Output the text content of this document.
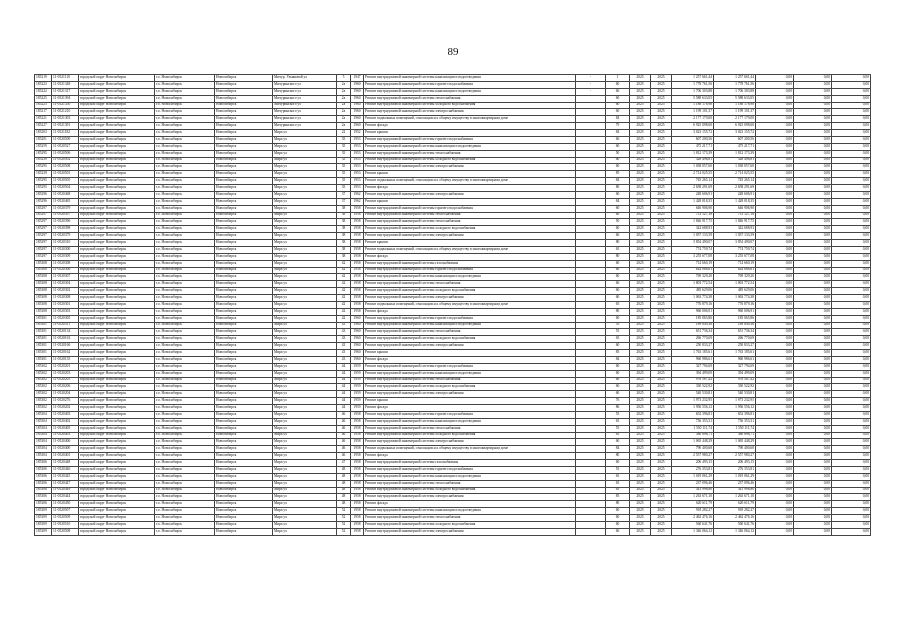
89
185219	11-0521110	городской округ Новосибирск	г.о. Новосибирск	Новосибирск	Мичур. Ульяновой ул	5	1947	Ремонт внутридомовой инженерной системы канализации и водоотведения	-	1	2025	2025	1 257 661,44	1 257 661,44	0,00	0,00	0,00
185223	11-0521348	городской округ Новосибирск	г.о. Новосибирск	Новосибирск	Мичуринского ул	2а	1960	Ремонт внутридомовой инженерной системы горячего водоснабжения	-	60	2025	2025	1 778 761,56	1 778 761,56	0,00	0,00	0,00
185222	11-0521317	городской округ Новосибирск	г.о. Новосибирск	Новосибирск	Мичуринского ул	2а	1960	Ремонт внутридомовой инженерной системы канализации и водоотведения	-	60	2025	2025	1 706 303,88	1 706 303,88	0,00	0,00	0,00
185225	11-0521394	городской округ Новосибирск	г.о. Новосибирск	Новосибирск	Мичуринского ул	2а	1960	Ремонт внутридомовой инженерной системы теплоснабжения		60	2025	2025	5 588 633,05	5 588 633,05	0,00	0,00	0,00
185223	11-0521350	городской округ Новосибирск	г.о. Новосибирск	Новосибирск	Мичуринского ул	2а	1960	Ремонт внутридомовой инженерной системы холодного водоснабжения		60	2025	2025	1 188 178,98	1 188 178,98	0,00	0,00	0,00
185217	11-0521210	городской округ Новосибирск	г.о. Новосибирск	Новосибирск	Мичуринского ул	2а	1960	Ремонт внутридомовой инженерной системы электроснабжения		60	2025	2025	1 199 101,37	1 199 101,37	0,00	0,00	0,00
185221	11-0521303	городской округ Новосибирск	г.о. Новосибирск	Новосибирск	Мичуринского ул	2а	1960	Ремонт подвальных помещений, относящихся к общему имуществу в многоквартирном доме		84	2025	2025	2 177 179,00	2 177 179,00	0,00	0,00	0,00
185227	11-0521391	городской округ Новосибирск	г.о. Новосибирск	Новосибирск	Мичуринского ул	2а	1960	Ремонт фасада		79	2025	2025	6 925 098,60	6 925 098,60	0,00	0,00	0,00
185203	11-0521182	городской округ Новосибирск	г.о. Новосибирск	Новосибирск	Мира ул	22	1952	Ремонт крыши		84	2025	2025	3 023 155,72	3 023 155,72	0,00	0,00	0,00
185201	11-0520500	городской округ Новосибирск	г.о. Новосибирск	Новосибирск	Мира ул	35	1953	Ремонт внутридомовой инженерной системы горячего водоснабжения		60	2025	2025	607 200,56	607 200,56	0,00	0,00	0,00
185259	11-0520527	городской округ Новосибирск	г.о. Новосибирск	Новосибирск	Мира ул	35	1953	Ремонт внутридомовой инженерной системы канализации и водоотведения		60	2025	2025	475 217,71	475 217,71	0,00	0,00	0,00
185295	11-0520506	городской округ Новосибирск	г.о. Новосибирск	Новосибирск	Мира ул	35	1953	Ремонт внутридомовой инженерной системы теплоснабжения		50	2025	2025	1 812 173,39	1 812 173,39	0,00	0,00	0,00
185239	11-0520502	городской округ Новосибирск	г.о. Новосибирск	Новосибирск	Мира ул	35	1953	Ремонт внутридомовой инженерной системы холодного водоснабжения		60	2025	2025	328 496,81	328 496,81	0,00	0,00	0,00
185295	11-0520508	городской округ Новосибирск	г.о. Новосибирск	Новосибирск	Мира ул	35	1953	Ремонт внутридомовой инженерной системы электроснабжения		60	2025	2025	1 038 057,60	1 038 057,60	0,00	0,00	0,00
185239	11-0520503	городской округ Новосибирск	г.о. Новосибирск	Новосибирск	Мира ул	35	1953	Ремонт крыши		85	2025	2025	2 714 025,55	2 714 025,55	0,00	0,00	0,00
185295	11-0520505	городской округ Новосибирск	г.о. Новосибирск	Новосибирск	Мира ул	35	1953	Ремонт подвальных помещений, относящихся к общему имуществу в многоквартирном доме		84	2025	2025	745 265,14	745 265,14	0,00	0,00	0,00
185295	11-0520504	городской округ Новосибирск	г.о. Новосибирск	Новосибирск	Мира ул	35	1953	Ремонт фасада		80	2025	2025	2 658 291,69	2 658 291,69	0,00	0,00	0,00
185296	11-0520468	городской округ Новосибирск	г.о. Новосибирск	Новосибирск	Мира ул	37	1962	Ремонт внутридомовой инженерной системы электроснабжения		60	2025	2025	248 606,91	248 606,91	0,00	0,00	0,00
185296	11-0520465	городской округ Новосибирск	г.о. Новосибирск	Новосибирск	Мира ул	37	1962	Ремонт крыши		84	2025	2025	1 428 018,35	1 428 018,35	0,00	0,00	0,00
185297	11-0520379	городской округ Новосибирск	г.о. Новосибирск	Новосибирск	Мира ул	38	1958	Ремонт внутридомовой инженерной системы горячего водоснабжения		60	2025	2025	646 906,90	646 906,90	0,00	0,00	0,00
185297	11-0520397	городской округ Новосибирск	г.о. Новосибирск	Новосибирск	Мира ул	38	1958	Ремонт внутридомовой инженерной системы теплоснабжения		60	2025	2025	731 127,18	731 127,18	0,00	0,00	0,00
185297	11-0520396	городской округ Новосибирск	г.о. Новосибирск	Новосибирск	Мира ул	38	1958	Ремонт внутридомовой инженерной системы теплоснабжения		50	2025	2025	1 846 917,75	1 846 917,75	0,00	0,00	0,00
185297	11-0520398	городской округ Новосибирск	г.о. Новосибирск	Новосибирск	Мира ул	38	1958	Ремонт внутридомовой инженерной системы холодного водоснабжения		60	2025	2025	342 688,93	342 688,93	0,00	0,00	0,00
185297	11-0520379	городской округ Новосибирск	г.о. Новосибирск	Новосибирск	Мира ул	38	1958	Ремонт внутридомовой инженерной системы электроснабжения		60	2025	2025	1 057 133,59	1 057 133,59	0,00	0,00	0,00
185297	11-0520310	городской округ Новосибирск	г.о. Новосибирск	Новосибирск	Мира ул	38	1958	Ремонт крыши		80	2025	2025	3 854 490,07	3 854 490,07	0,00	0,00	0,00
185297	11-0520300	городской округ Новосибирск	г.о. Новосибирск	Новосибирск	Мира ул	38	1958	Ремонт подвальных помещений, относящихся к общему имуществу в многоквартирном доме		65	2025	2025	774 759,74	774 759,74	0,00	0,00	0,00
185297	11-0520309	городской округ Новосибирск	г.о. Новосибирск	Новосибирск	Мира ул	38	1958	Ремонт фасада		80	2025	2025	3 255 677,08	3 255 677,08	0,00	0,00	0,00
185308	11-0520308	городской округ Новосибирск	г.о. Новосибирск	Новосибирск	Мира ул	42	1958	Ремонт внутридомовой инженерной системы газоснабжения		60	2025	2025	714 660,19	714 660,19	0,00	0,00	0,00
185308	11-0520306	городской округ Новосибирск	г.о. Новосибирск	Новосибирск	Мира ул	42	1958	Ремонт внутридомовой инженерной системы горячего водоснабжения		60	2025	2025	624 068,61	624 068,61	0,00	0,00	0,00
185308	11-0520307	городской округ Новосибирск	г.о. Новосибирск	Новосибирск	Мира ул	42	1958	Ремонт внутридомовой инженерной системы канализации и водоотведения		60	2025	2025	769 329,20	769 329,20	0,00	0,00	0,00
185308	11-0520304	городской округ Новосибирск	г.о. Новосибирск	Новосибирск	Мира ул	42	1958	Ремонт внутридомовой инженерной системы теплоснабжения		60	2025	2025	1 803 772,54	1 803 772,54	0,00	0,00	0,00
185308	11-0520302	городской округ Новосибирск	г.о. Новосибирск	Новосибирск	Мира ул	42	1958	Ремонт внутридомовой инженерной системы холодного водоснабжения		60	2025	2025	485 629,06	485 629,06	0,00	0,00	0,00
185308	11-0520308	городской округ Новосибирск	г.о. Новосибирск	Новосибирск	Мира ул	42	1958	Ремонт внутридомовой инженерной системы электроснабжения		60	2025	2025	1 063 774,38	1 063 774,38	0,00	0,00	0,00
185308	11-0520301	городской округ Новосибирск	г.о. Новосибирск	Новосибирск	Мира ул	42	1958	Ремонт подвальных помещений, относящихся к общему имуществу в многоквартирном доме		65	2025	2025	776 879,16	776 879,16	0,00	0,00	0,00
185308	11-0520303	городской округ Новосибирск	г.о. Новосибирск	Новосибирск	Мира ул	42	1958	Ремонт фасада		80	2025	2025	960 006,91	960 006,91	0,00	0,00	0,00
185301	11-0520305	городской округ Новосибирск	г.о. Новосибирск	Новосибирск	Мира ул	42	1960	Ремонт внутридомовой инженерной системы горячего водоснабжения		60	2025	2025	185 065,86	185 065,86	0,00	0,00	0,00
185301	11-0520311	городской округ Новосибирск	г.о. Новосибирск	Новосибирск	Мира ул	43	1960	Ремонт внутридомовой инженерной системы канализации и водоотведения		55	2025	2025	189 849,36	189 849,36	0,00	0,00	0,00
185301	11-0520134	городской округ Новосибирск	г.о. Новосибирск	Новосибирск	Мира ул	43	1960	Ремонт внутридомовой инженерной системы теплоснабжения		55	2025	2025	651 736,34	651 736,34	0,00	0,00	0,00
185301	11-0520163	городской округ Новосибирск	г.о. Новосибирск	Новосибирск	Мира ул	43	1960	Ремонт внутридомовой инженерной системы холодного водоснабжения		65	2025	2025	266 770,69	266 770,69	0,00	0,00	0,00
185301	11-0520166	городской округ Новосибирск	г.о. Новосибирск	Новосибирск	Мира ул	43	1960	Ремонт внутридомовой инженерной системы электроснабжения		60	2025	2025	250 833,27	250 833,27	0,00	0,00	0,00
185301	11-0520162	городской округ Новосибирск	г.о. Новосибирск	Новосибирск	Мира ул	43	1960	Ремонт крыши		85	2025	2025	1 763 185,61	1 763 185,61	0,00	0,00	0,00
185301	11-0520135	городской округ Новосибирск	г.о. Новосибирск	Новосибирск	Мира ул	43	1960	Ремонт фасада		84	2025	2025	960 986,61	960 986,61	0,00	0,00	0,00
185302	11-0520201	городской округ Новосибирск	г.о. Новосибирск	Новосибирск	Мира ул	44	1959	Ремонт внутридомовой инженерной системы горячего водоснабжения		60	2025	2025	327 794,69	327 794,69	0,00	0,00	0,00
185302	11-0520203	городской округ Новосибирск	г.о. Новосибирск	Новосибирск	Мира ул	44	1959	Ремонт внутридомовой инженерной системы канализации и водоотведения		60	2025	2025	394 499,09	394 499,09	0,00	0,00	0,00
185302	11-0520205	городской округ Новосибирск	г.о. Новосибирск	Новосибирск	Мира ул	44	1959	Ремонт внутридомовой инженерной системы теплоснабжения		60	2025	2025	978 567,42	978 567,42	0,00	0,00	0,00
185302	11-0520206	городской округ Новосибирск	г.о. Новосибирск	Новосибирск	Мира ул	44	1959	Ремонт внутридомовой инженерной системы холодного водоснабжения		60	2025	2025	330 522,92	330 522,92	0,00	0,00	0,00
185302	11-0520204	городской округ Новосибирск	г.о. Новосибирск	Новосибирск	Мира ул	44	1959	Ремонт внутридомовой инженерной системы электроснабжения		60	2025	2025	540 530,81	540 530,81	0,00	0,00	0,00
185302	11-0520276	городской округ Новосибирск	г.о. Новосибирск	Новосибирск	Мира ул	44	1959	Ремонт крыши		76	2025	2025	1 973 232,95	1 973 232,95	0,00	0,00	0,00
185302	11-0520202	городской округ Новосибирск	г.о. Новосибирск	Новосибирск	Мира ул	44	1959	Ремонт фасада		86	2025	2025	1 956 556,12	1 956 556,12	0,00	0,00	0,00
185304	11-0520403	городской округ Новосибирск	г.о. Новосибирск	Новосибирск	Мира ул	46	1958	Ремонт внутридомовой инженерной системы горячего водоснабжения		55	2025	2025	652 396,81	652 396,81	0,00	0,00	0,00
185304	11-0520402	городской округ Новосибирск	г.о. Новосибирск	Новосибирск	Мира ул	46	1958	Ремонт внутридомовой инженерной системы канализации и водоотведения		65	2025	2025	736 353,31	736 353,31	0,00	0,00	0,00
185304	11-0520405	городской округ Новосибирск	г.о. Новосибирск	Новосибирск	Мира ул	46	1958	Ремонт внутридомовой инженерной системы теплоснабжения		55	2025	2025	1 550 111,74	1 550 111,74	0,00	0,00	0,00
185304	11-0520403	городской округ Новосибирск	г.о. Новосибирск	Новосибирск	Мира ул	46	1958	Ремонт внутридомовой инженерной системы холодного водоснабжения		65	2025	2025	380 896,71	380 896,71	0,00	0,00	0,00
185304	11-0520406	городской округ Новосибирск	г.о. Новосибирск	Новосибирск	Мира ул	46	1958	Ремонт внутридомовой инженерной системы электроснабжения		60	2025	2025	1 065 448,29	1 065 448,29	0,00	0,00	0,00
185304	11-0520400	городской округ Новосибирск	г.о. Новосибирск	Новосибирск	Мира ул	46	1958	Ремонт подвальных помещений, относящихся к общему имуществу в многоквартирном доме		84	2025	2025	790 400,68	790 400,68	0,00	0,00	0,00
185304	11-0520401	городской округ Новосибирск	г.о. Новосибирск	Новосибирск	Мира ул	46	1958	Ремонт фасада		80	2025	2025	2 557 980,27	2 557 980,27	0,00	0,00	0,00
185306	11-0520448	городской округ Новосибирск	г.о. Новосибирск	Новосибирск	Мира ул	47	1958	Ремонт внутридомовой инженерной системы газоснабжения		60	2025	2025	206 493,15	206 493,15	0,00	0,00	0,00
185306	11-0520446	городской округ Новосибирск	г.о. Новосибирск	Новосибирск	Мира ул	48	1958	Ремонт внутридомовой инженерной системы горячего водоснабжения		55	2025	2025	276 353,81	276 353,81	0,00	0,00	0,00
185306	11-0520445	городской округ Новосибирск	г.о. Новосибирск	Новосибирск	Мира ул	48	1958	Ремонт внутридомовой инженерной системы канализации и водоотведения		65	2025	2025	1 019 061,29	1 019 061,29	0,00	0,00	0,00
185306	11-0520447	городской округ Новосибирск	г.о. Новосибирск	Новосибирск	Мира ул	48	1958	Ремонт внутридомовой инженерной системы теплоснабжения		65	2025	2025	237 096,46	237 096,46	0,00	0,00	0,00
185306	11-0520449	городской округ Новосибирск	г.о. Новосибирск	Новосибирск	Мира ул	48	1958	Ремонт внутридомовой инженерной системы холодного водоснабжения		65	2025	2025	341 996,80	341 996,80	0,00	0,00	0,00
185306	11-0520444	городской округ Новосибирск	г.о. Новосибирск	Новосибирск	Мира ул	48	1958	Ремонт внутридомовой инженерной системы электроснабжения		85	2025	2025	1 263 671,10	1 263 671,10	0,00	0,00	0,00
185306	11-0520450	городской округ Новосибирск	г.о. Новосибирск	Новосибирск	Мира ул	48	1958	Ремонт фасада		80	2025	2025	620 611,79	620 611,79	0,00	0,00	0,00
185309	11-0520507	городской округ Новосибирск	г.о. Новосибирск	Новосибирск	Мира ул	52	1958	Ремонт внутридомовой инженерной системы канализации и водоотведения		60	2025	2025	918 282,27	918 282,27	0,00	0,00	0,00
185309	11-0520509	городской округ Новосибирск	г.о. Новосибирск	Новосибирск	Мира ул	52	1958	Ремонт внутридомовой инженерной системы теплоснабжения		60	2025	2025	2 462 476,16	2 462 476,16	0,00	0,00	0,00
185309	11-0520510	городской округ Новосибирск	г.о. Новосибирск	Новосибирск	Мира ул	52	1958	Ремонт внутридомовой инженерной системы холодного водоснабжения		60	2025	2025	560 641,76	560 641,76	0,00	0,00	0,00
185309	11-0520508	городской округ Новосибирск	г.о. Новосибирск	Новосибирск	Мира ул	52	1958	Ремонт внутридомовой инженерной системы электроснабжения		60	2025	2025	1 346 064,12	1 346 064,12	0,00	0,00	0,00
